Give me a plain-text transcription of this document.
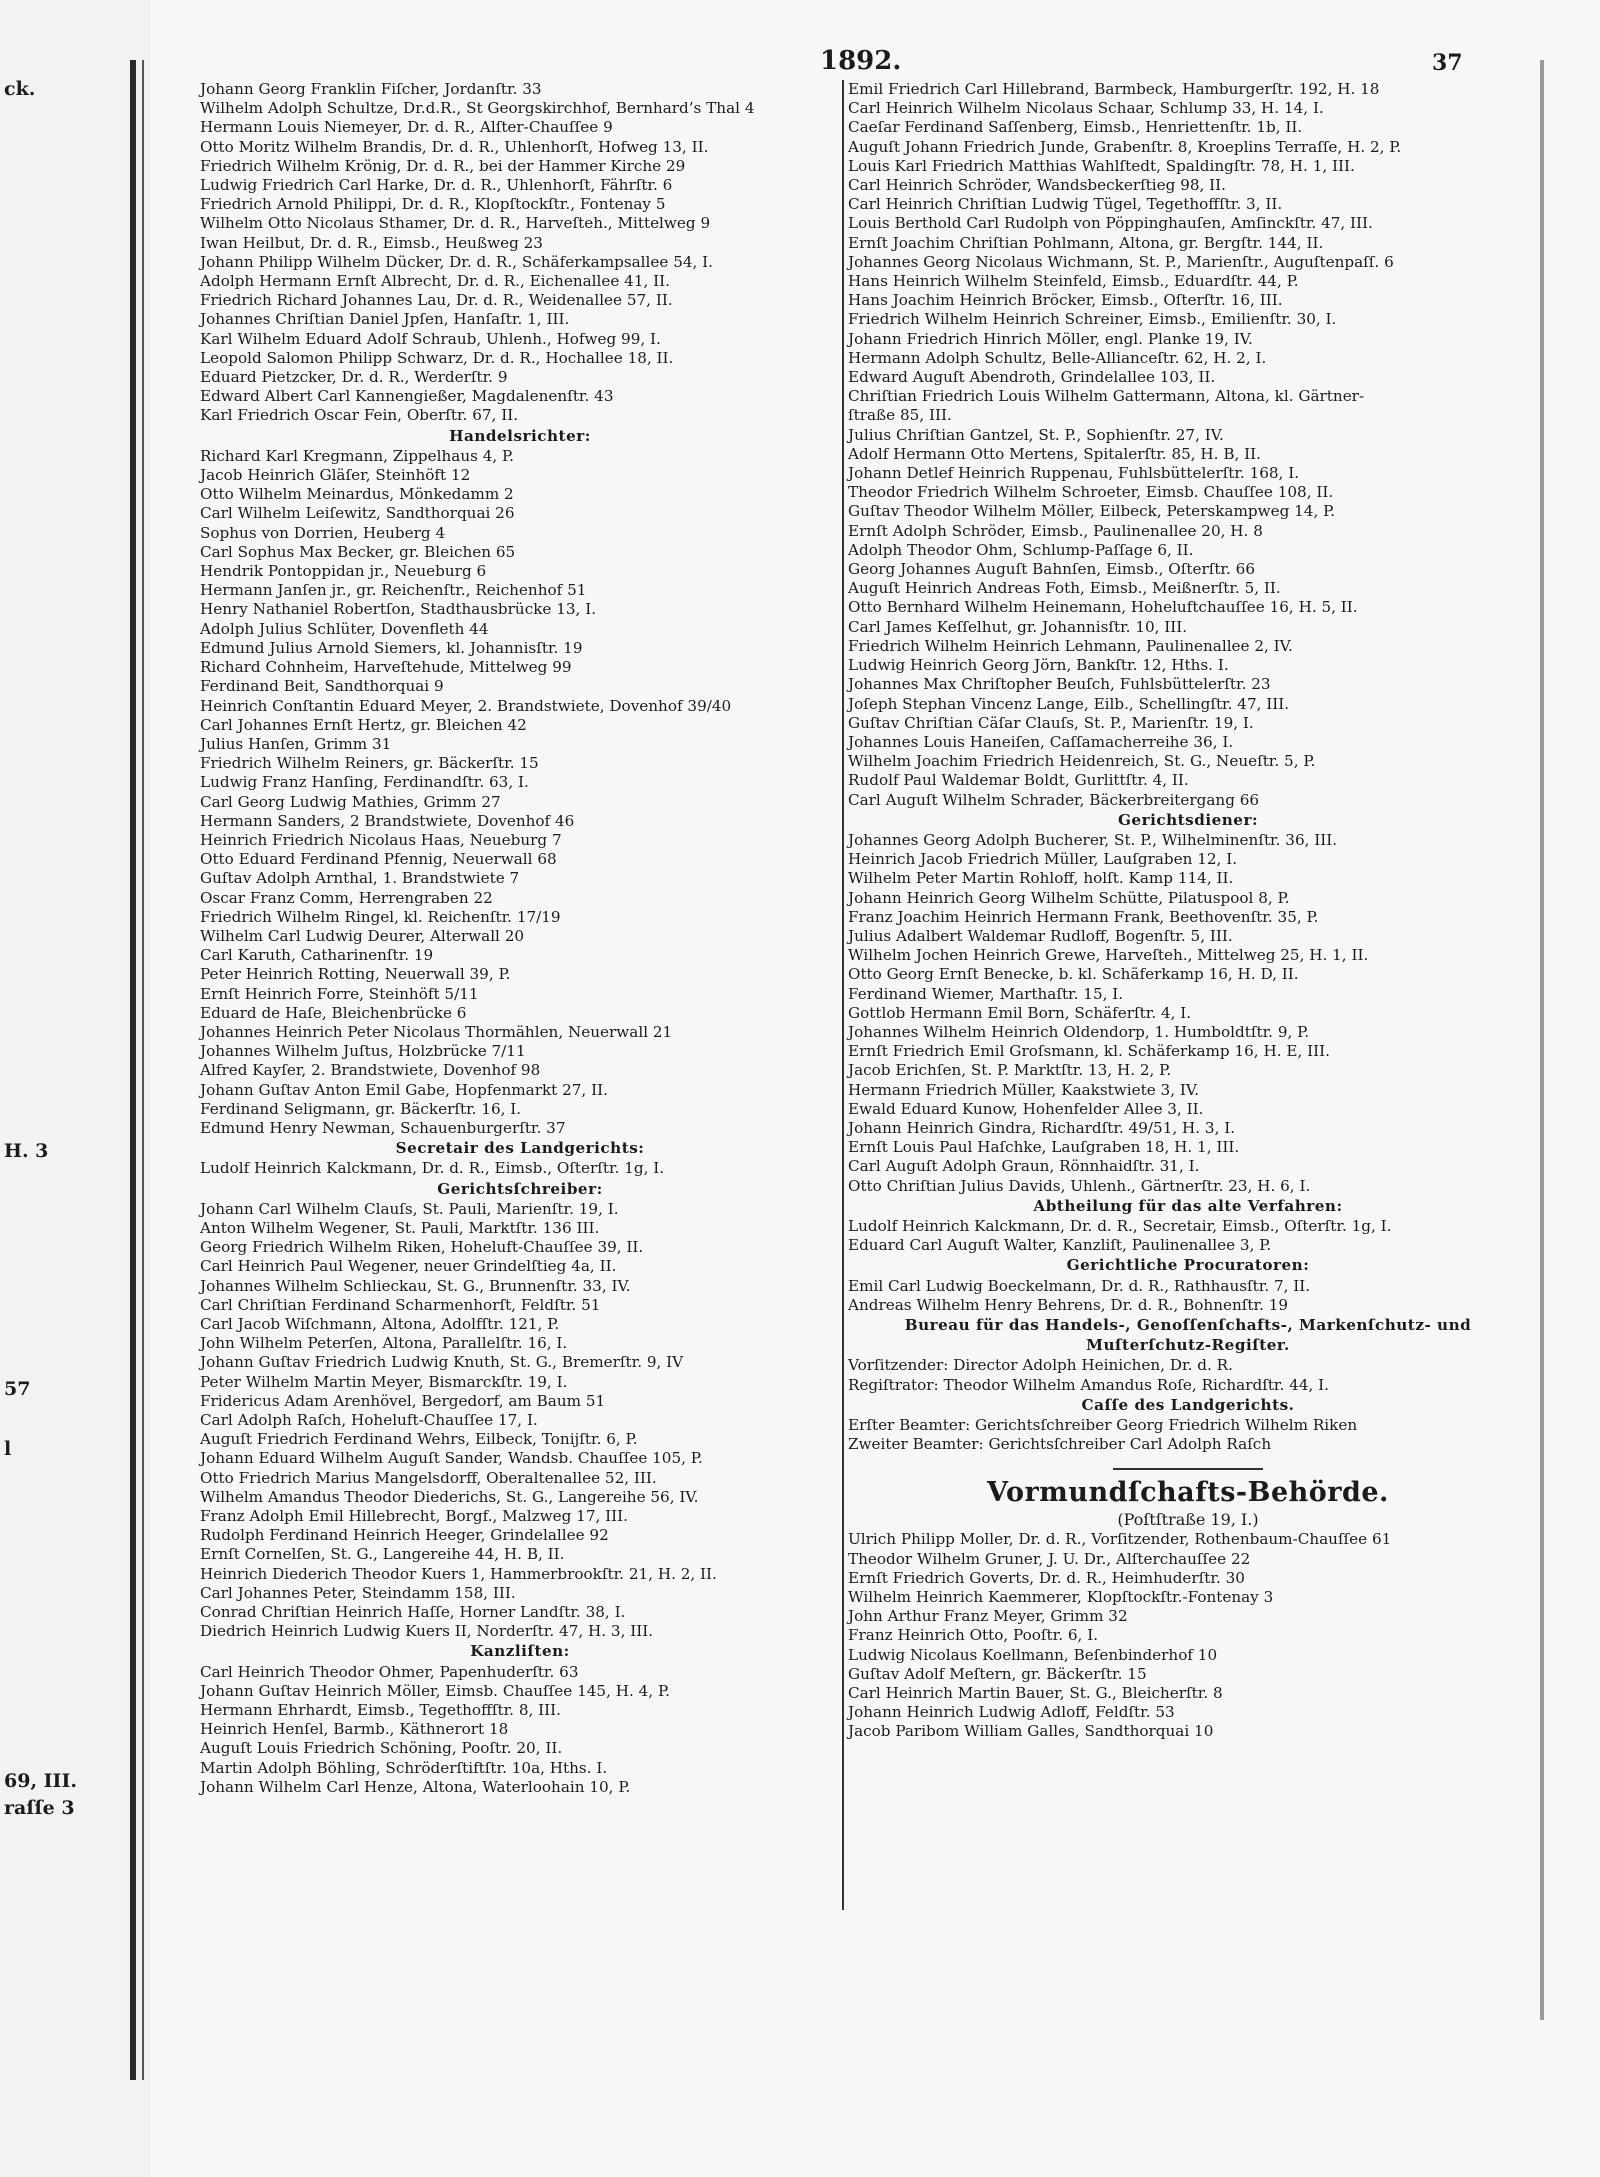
ck.
H. 3
57
l
69, III.
raſſe 3
1892.	37
Johann Georg Franklin Fiſcher, Jordanſtr. 33
Wilhelm Adolph Schultze, Dr.d.R., St Georgskirchhof, Bernhard’s Thal 4
Hermann Louis Niemeyer, Dr. d. R., Alſter-Chauſſee 9
Otto Moritz Wilhelm Brandis, Dr. d. R., Uhlenhorſt, Hofweg 13, II.
Friedrich Wilhelm Krönig, Dr. d. R., bei der Hammer Kirche 29
Ludwig Friedrich Carl Harke, Dr. d. R., Uhlenhorſt, Fährſtr. 6
Friedrich Arnold Philippi, Dr. d. R., Klopſtockſtr., Fontenay 5
Wilhelm Otto Nicolaus Sthamer, Dr. d. R., Harveſteh., Mittelweg 9
Iwan Heilbut, Dr. d. R., Eimsb., Heußweg 23
Johann Philipp Wilhelm Dücker, Dr. d. R., Schäferkampsallee 54, I.
Adolph Hermann Ernſt Albrecht, Dr. d. R., Eichenallee 41, II.
Friedrich Richard Johannes Lau, Dr. d. R., Weidenallee 57, II.
Johannes Chriſtian Daniel Jpſen, Hanſaſtr. 1, III.
Karl Wilhelm Eduard Adolf Schraub, Uhlenh., Hofweg 99, I.
Leopold Salomon Philipp Schwarz, Dr. d. R., Hochallee 18, II.
Eduard Pietzcker, Dr. d. R., Werderſtr. 9
Edward Albert Carl Kannengießer, Magdalenenſtr. 43
Karl Friedrich Oscar Fein, Oberſtr. 67, II.
Handelsrichter:
Richard Karl Kregmann, Zippelhaus 4, P.
Jacob Heinrich Gläſer, Steinhöft 12
Otto Wilhelm Meinardus, Mönkedamm 2
Carl Wilhelm Leiſewitz, Sandthorquai 26
Sophus von Dorrien, Heuberg 4
Carl Sophus Max Becker, gr. Bleichen 65
Hendrik Pontoppidan jr., Neueburg 6
Hermann Janſen jr., gr. Reichenſtr., Reichenhof 51
Henry Nathaniel Robertſon, Stadthausbrücke 13, I.
Adolph Julius Schlüter, Dovenfleth 44
Edmund Julius Arnold Siemers, kl. Johannisſtr. 19
Richard Cohnheim, Harveſtehude, Mittelweg 99
Ferdinand Beit, Sandthorquai 9
Heinrich Conſtantin Eduard Meyer, 2. Brandstwiete, Dovenhof 39/40
Carl Johannes Ernſt Hertz, gr. Bleichen 42
Julius Hanſen, Grimm 31
Friedrich Wilhelm Reiners, gr. Bäckerſtr. 15
Ludwig Franz Hanſing, Ferdinandſtr. 63, I.
Carl Georg Ludwig Mathies, Grimm 27
Hermann Sanders, 2 Brandstwiete, Dovenhof 46
Heinrich Friedrich Nicolaus Haas, Neueburg 7
Otto Eduard Ferdinand Pfennig, Neuerwall 68
Guſtav Adolph Arnthal, 1. Brandstwiete 7
Oscar Franz Comm, Herrengraben 22
Friedrich Wilhelm Ringel, kl. Reichenſtr. 17/19
Wilhelm Carl Ludwig Deurer, Alterwall 20
Carl Karuth, Catharinenſtr. 19
Peter Heinrich Rotting, Neuerwall 39, P.
Ernſt Heinrich Forre, Steinhöft 5/11
Eduard de Haſe, Bleichenbrücke 6
Johannes Heinrich Peter Nicolaus Thormählen, Neuerwall 21
Johannes Wilhelm Juſtus, Holzbrücke 7/11
Alfred Kayſer, 2. Brandstwiete, Dovenhof 98
Johann Guſtav Anton Emil Gabe, Hopfenmarkt 27, II.
Ferdinand Seligmann, gr. Bäckerſtr. 16, I.
Edmund Henry Newman, Schauenburgerſtr. 37
Secretair des Landgerichts:
Ludolf Heinrich Kalckmann, Dr. d. R., Eimsb., Oſterſtr. 1g, I.
Gerichtsſchreiber:
Johann Carl Wilhelm Clauſs, St. Pauli, Marienſtr. 19, I.
Anton Wilhelm Wegener, St. Pauli, Marktſtr. 136 III.
Georg Friedrich Wilhelm Riken, Hoheluft-Chauſſee 39, II.
Carl Heinrich Paul Wegener, neuer Grindelſtieg 4a, II.
Johannes Wilhelm Schlieckau, St. G., Brunnenſtr. 33, IV.
Carl Chriſtian Ferdinand Scharmenhorſt, Feldſtr. 51
Carl Jacob Wiſchmann, Altona, Adolfſtr. 121, P.
John Wilhelm Peterſen, Altona, Parallelſtr. 16, I.
Johann Guſtav Friedrich Ludwig Knuth, St. G., Bremerſtr. 9, IV
Peter Wilhelm Martin Meyer, Bismarckſtr. 19, I.
Fridericus Adam Arenhövel, Bergedorf, am Baum 51
Carl Adolph Raſch, Hoheluft-Chauſſee 17, I.
Auguſt Friedrich Ferdinand Wehrs, Eilbeck, Tonijſtr. 6, P.
Johann Eduard Wilhelm Auguſt Sander, Wandsb. Chauſſee 105, P.
Otto Friedrich Marius Mangelsdorff, Oberaltenallee 52, III.
Wilhelm Amandus Theodor Diederichs, St. G., Langereihe 56, IV.
Franz Adolph Emil Hillebrecht, Borgf., Malzweg 17, III.
Rudolph Ferdinand Heinrich Heeger, Grindelallee 92
Ernſt Cornelſen, St. G., Langereihe 44, H. B, II.
Heinrich Diederich Theodor Kuers 1, Hammerbrookſtr. 21, H. 2, II.
Carl Johannes Peter, Steindamm 158, III.
Conrad Chriſtian Heinrich Haſſe, Horner Landſtr. 38, I.
Diedrich Heinrich Ludwig Kuers II, Norderſtr. 47, H. 3, III.
Kanzliſten:
Carl Heinrich Theodor Ohmer, Papenhuderſtr. 63
Johann Guſtav Heinrich Möller, Eimsb. Chauſſee 145, H. 4, P.
Hermann Ehrhardt, Eimsb., Tegethoffſtr. 8, III.
Heinrich Henſel, Barmb., Käthnerort 18
Auguſt Louis Friedrich Schöning, Pooſtr. 20, II.
Martin Adolph Böhling, Schröderſtiftſtr. 10a, Hths. I.
Johann Wilhelm Carl Henze, Altona, Waterloohain 10, P.
Emil Friedrich Carl Hillebrand, Barmbeck, Hamburgerſtr. 192, H. 18
Carl Heinrich Wilhelm Nicolaus Schaar, Schlump 33, H. 14, I.
Caeſar Ferdinand Saſſenberg, Eimsb., Henriettenſtr. 1b, II.
Auguſt Johann Friedrich Junde, Grabenſtr. 8, Kroeplins Terraſſe, H. 2, P.
Louis Karl Friedrich Matthias Wahlſtedt, Spaldingſtr. 78, H. 1, III.
Carl Heinrich Schröder, Wandsbeckerſtieg 98, II.
Carl Heinrich Chriſtian Ludwig Tügel, Tegethoffſtr. 3, II.
Louis Berthold Carl Rudolph von Pöppinghauſen, Amſinckſtr. 47, III.
Ernſt Joachim Chriſtian Pohlmann, Altona, gr. Bergſtr. 144, II.
Johannes Georg Nicolaus Wichmann, St. P., Marienſtr., Auguſtenpaſſ. 6
Hans Heinrich Wilhelm Steinfeld, Eimsb., Eduardſtr. 44, P.
Hans Joachim Heinrich Bröcker, Eimsb., Oſterſtr. 16, III.
Friedrich Wilhelm Heinrich Schreiner, Eimsb., Emilienſtr. 30, I.
Johann Friedrich Hinrich Möller, engl. Planke 19, IV.
Hermann Adolph Schultz, Belle-Allianceſtr. 62, H. 2, I.
Edward Auguſt Abendroth, Grindelallee 103, II.
Chriſtian Friedrich Louis Wilhelm Gattermann, Altona, kl. Gärtner-
ſtraße 85, III.
Julius Chriſtian Gantzel, St. P., Sophienſtr. 27, IV.
Adolf Hermann Otto Mertens, Spitalerſtr. 85, H. B, II.
Johann Detlef Heinrich Ruppenau, Fuhlsbüttelerſtr. 168, I.
Theodor Friedrich Wilhelm Schroeter, Eimsb. Chauſſee 108, II.
Guſtav Theodor Wilhelm Möller, Eilbeck, Peterskampweg 14, P.
Ernſt Adolph Schröder, Eimsb., Paulinenallee 20, H. 8
Adolph Theodor Ohm, Schlump-Paſſage 6, II.
Georg Johannes Auguſt Bahnſen, Eimsb., Oſterſtr. 66
Auguſt Heinrich Andreas Foth, Eimsb., Meißnerſtr. 5, II.
Otto Bernhard Wilhelm Heinemann, Hoheluftchauſſee 16, H. 5, II.
Carl James Keſſelhut, gr. Johannisſtr. 10, III.
Friedrich Wilhelm Heinrich Lehmann, Paulinenallee 2, IV.
Ludwig Heinrich Georg Jörn, Bankſtr. 12, Hths. I.
Johannes Max Chriſtopher Beuſch, Fuhlsbüttelerſtr. 23
Joſeph Stephan Vincenz Lange, Eilb., Schellingſtr. 47, III.
Guſtav Chriſtian Cäſar Clauſs, St. P., Marienſtr. 19, I.
Johannes Louis Haneiſen, Caſſamacherreihe 36, I.
Wilhelm Joachim Friedrich Heidenreich, St. G., Neueſtr. 5, P.
Rudolf Paul Waldemar Boldt, Gurlittſtr. 4, II.
Carl Auguſt Wilhelm Schrader, Bäckerbreitergang 66
Gerichtsdiener:
Johannes Georg Adolph Bucherer, St. P., Wilhelminenſtr. 36, III.
Heinrich Jacob Friedrich Müller, Lauſgraben 12, I.
Wilhelm Peter Martin Rohloff, holſt. Kamp 114, II.
Johann Heinrich Georg Wilhelm Schütte, Pilatuspool 8, P.
Franz Joachim Heinrich Hermann Frank, Beethovenſtr. 35, P.
Julius Adalbert Waldemar Rudloff, Bogenſtr. 5, III.
Wilhelm Jochen Heinrich Grewe, Harveſteh., Mittelweg 25, H. 1, II.
Otto Georg Ernſt Benecke, b. kl. Schäferkamp 16, H. D, II.
Ferdinand Wiemer, Marthaſtr. 15, I.
Gottlob Hermann Emil Born, Schäferſtr. 4, I.
Johannes Wilhelm Heinrich Oldendorp, 1. Humboldtſtr. 9, P.
Ernſt Friedrich Emil Groſsmann, kl. Schäferkamp 16, H. E, III.
Jacob Erichſen, St. P. Marktſtr. 13, H. 2, P.
Hermann Friedrich Müller, Kaakstwiete 3, IV.
Ewald Eduard Kunow, Hohenfelder Allee 3, II.
Johann Heinrich Gindra, Richardſtr. 49/51, H. 3, I.
Ernſt Louis Paul Haſchke, Lauſgraben 18, H. 1, III.
Carl Auguſt Adolph Graun, Rönnhaidſtr. 31, I.
Otto Chriſtian Julius Davids, Uhlenh., Gärtnerſtr. 23, H. 6, I.
Abtheilung für das alte Verfahren:
Ludolf Heinrich Kalckmann, Dr. d. R., Secretair, Eimsb., Oſterſtr. 1g, I.
Eduard Carl Auguſt Walter, Kanzliſt, Paulinenallee 3, P.
Gerichtliche Procuratoren:
Emil Carl Ludwig Boeckelmann, Dr. d. R., Rathhausſtr. 7, II.
Andreas Wilhelm Henry Behrens, Dr. d. R., Bohnenſtr. 19
Bureau für das Handels-, Genoſſenſchafts-, Markenſchutz- und
Muſterſchutz-Regiſter.
Vorſitzender: Director Adolph Heinichen, Dr. d. R.
Regiſtrator: Theodor Wilhelm Amandus Roſe, Richardſtr. 44, I.
Caſſe des Landgerichts.
Erſter Beamter: Gerichtsſchreiber Georg Friedrich Wilhelm Riken
Zweiter Beamter: Gerichtsſchreiber Carl Adolph Raſch
Vormundſchafts-Behörde.
(Poſtſtraße 19, I.)
Ulrich Philipp Moller, Dr. d. R., Vorſitzender, Rothenbaum-Chauſſee 61
Theodor Wilhelm Gruner, J. U. Dr., Alſterchauſſee 22
Ernſt Friedrich Goverts, Dr. d. R., Heimhuderſtr. 30
Wilhelm Heinrich Kaemmerer, Klopſtockſtr.-Fontenay 3
John Arthur Franz Meyer, Grimm 32
Franz Heinrich Otto, Pooſtr. 6, I.
Ludwig Nicolaus Koellmann, Beſenbinderhof 10
Guſtav Adolf Meſtern, gr. Bäckerſtr. 15
Carl Heinrich Martin Bauer, St. G., Bleicherſtr. 8
Johann Heinrich Ludwig Adloff, Feldſtr. 53
Jacob Paribom William Galles, Sandthorquai 10
